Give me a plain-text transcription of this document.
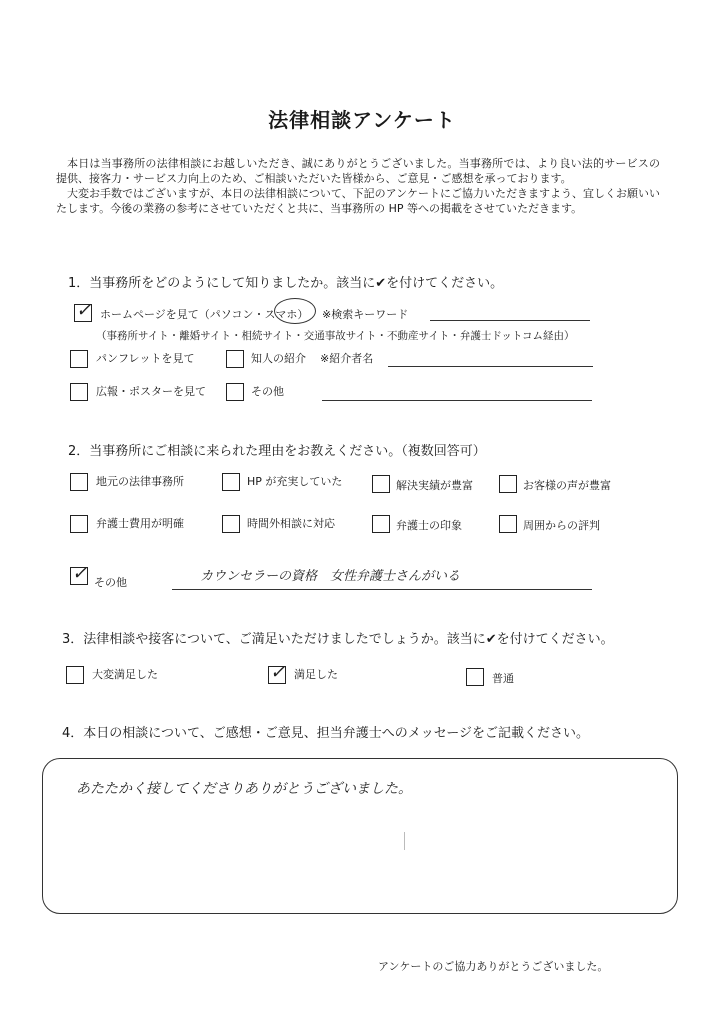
法律相談アンケート

本日は当事務所の法律相談にお越しいただき、誠にありがとうございました。当事務所では、より良い法的サービスの提供、接客力・サービス力向上のため、ご相談いただいた皆様から、ご意見・ご感想を承っております。

大変お手数ではございますが、本日の法律相談について、下記のアンケートにご協力いただきますよう、宜しくお願いいたします。今後の業務の参考にさせていただくと共に、当事務所の HP 等への掲載をさせていただきます。

1．当事務所をどのようにして知りましたか。該当に✔を付けてください。
✓ ホームページを見て（パソコン・スマホ） ※検索キーワード
（事務所サイト・離婚サイト・相続サイト・交通事故サイト・不動産サイト・弁護士ドットコム経由）
パンフレットを見て	知人の紹介 ※紹介者名
広報・ポスターを見て	その他
2．当事務所にご相談に来られた理由をお教えください。（複数回答可）
地元の法律事務所	HP が充実していた	解決実績が豊富	お客様の声が豊富
弁護士費用が明確	時間外相談に対応	弁護士の印象	周囲からの評判
✓ その他	カウンセラーの資格　女性弁護士さんがいる
3．法律相談や接客について、ご満足いただけましたでしょうか。該当に✔を付けてください。
大変満足した	✓ 満足した	普通
4．本日の相談について、ご感想・ご意見、担当弁護士へのメッセージをご記載ください。
あたたかく接してくださりありがとうございました。
アンケートのご協力ありがとうございました。
